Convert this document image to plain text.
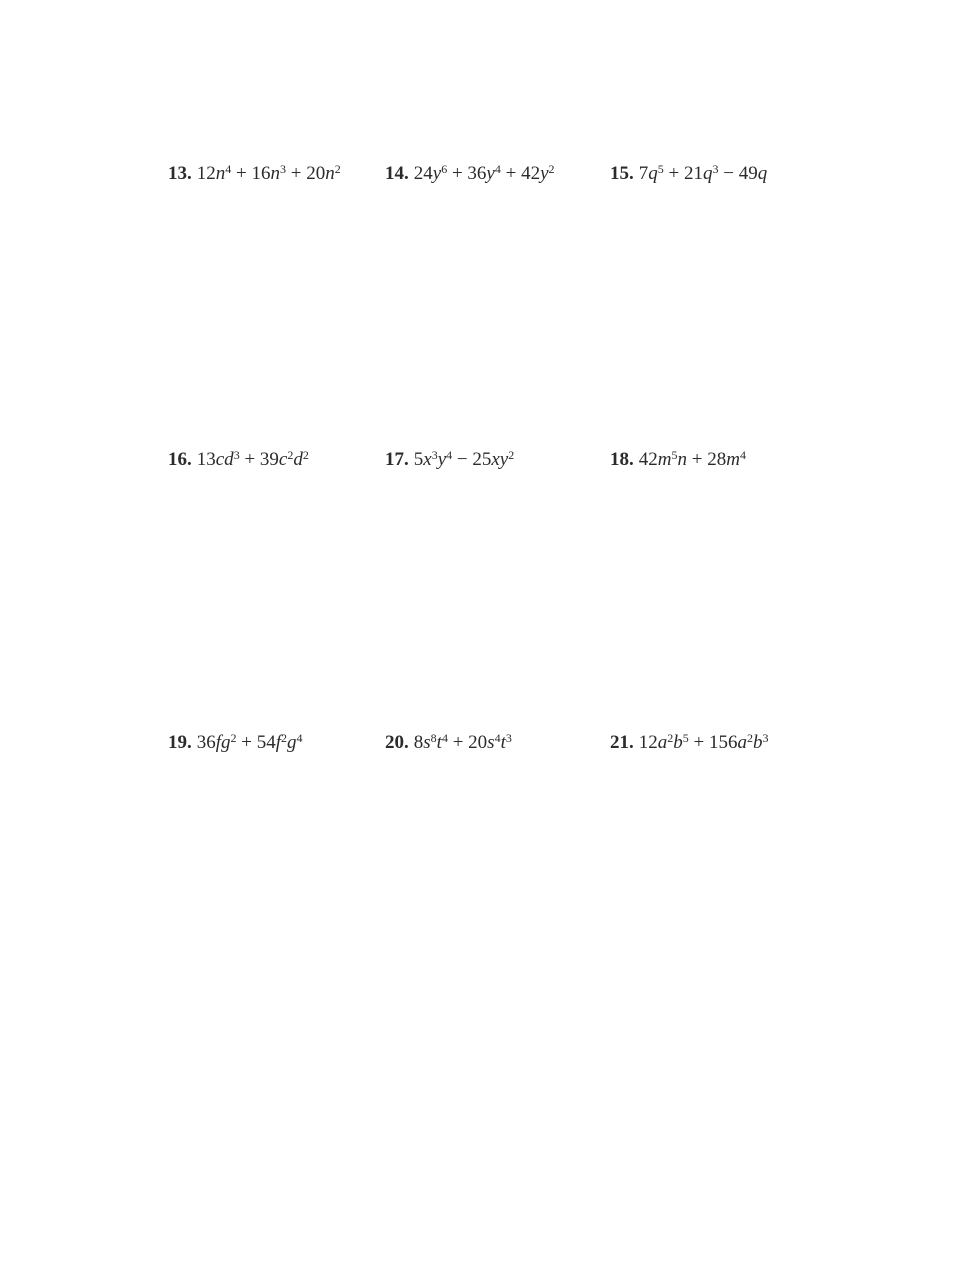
13. $12n^4 + 16n^3 + 20n^2$ 14. $24y^6 + 36y^4 + 42y^2$	15. $7q^5 + 21q^3 - 49q$
16. $13cd^3 + 39c^2d^2$	17. $5x^3y^4 - 25xy^2$	18. $42m^5n + 28m^4$
19. $36fg^2 + 54f^2g^4$	20. $8s^8t^4 + 20s^4t^3$	21. $12a^2b^5 + 156a^2b^3$
